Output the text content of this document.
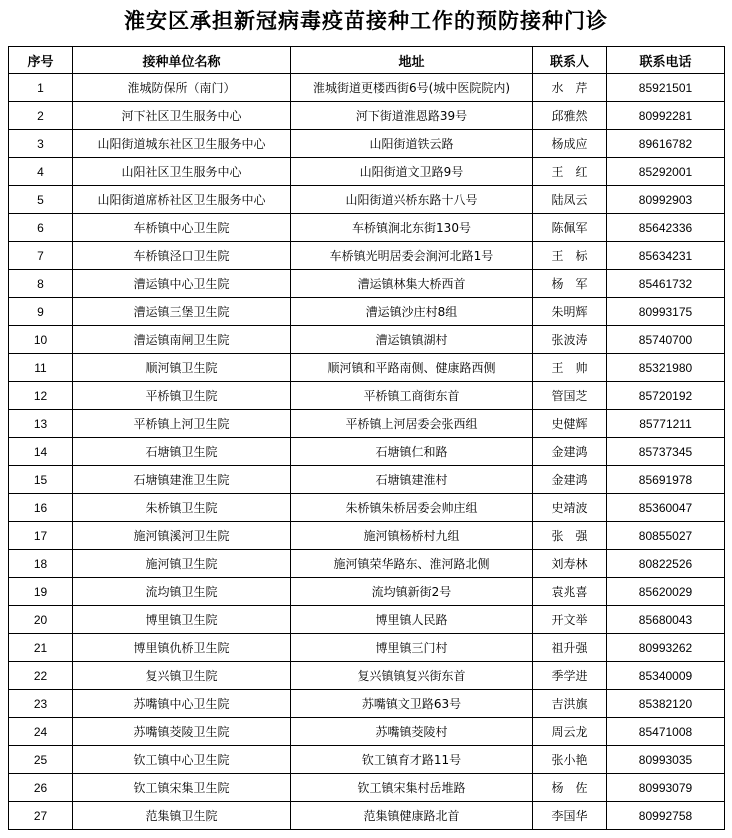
淮安区承担新冠病毒疫苗接种工作的预防接种门诊
序号	接种单位名称	地址	联系人	联系电话
1	淮城防保所（南门）	淮城街道更楼西街6号(城中医院院内)	水　芹	85921501
2	河下社区卫生服务中心	河下街道淮恩路39号	邱雅然	80992281
3	山阳街道城东社区卫生服务中心	山阳街道铁云路	杨成应	89616782
4	山阳社区卫生服务中心	山阳街道文卫路9号	王　红	85292001
5	山阳街道席桥社区卫生服务中心	山阳街道兴桥东路十八号	陆凤云	80992903
6	车桥镇中心卫生院	车桥镇涧北东街130号	陈佩军	85642336
7	车桥镇泾口卫生院	车桥镇光明居委会涧河北路1号	王　标	85634231
8	漕运镇中心卫生院	漕运镇林集大桥西首	杨　军	85461732
9	漕运镇三堡卫生院	漕运镇沙庄村8组	朱明辉	80993175
10	漕运镇南闸卫生院	漕运镇镇湖村	张波涛	85740700
11	顺河镇卫生院	顺河镇和平路南侧、健康路西侧	王　帅	85321980
12	平桥镇卫生院	平桥镇工商街东首	管国芝	85720192
13	平桥镇上河卫生院	平桥镇上河居委会张西组	史健辉	85771211
14	石塘镇卫生院	石塘镇仁和路	金建鸿	85737345
15	石塘镇建淮卫生院	石塘镇建淮村	金建鸿	85691978
16	朱桥镇卫生院	朱桥镇朱桥居委会帅庄组	史靖波	85360047
17	施河镇溪河卫生院	施河镇杨桥村九组	张　强	80855027
18	施河镇卫生院	施河镇荣华路东、淮河路北侧	刘寿林	80822526
19	流均镇卫生院	流均镇新街2号	袁兆喜	85620029
20	博里镇卫生院	博里镇人民路	开文举	85680043
21	博里镇仇桥卫生院	博里镇三门村	祖升强	80993262
22	复兴镇卫生院	复兴镇镇复兴街东首	季学进	85340009
23	苏嘴镇中心卫生院	苏嘴镇文卫路63号	吉洪旗	85382120
24	苏嘴镇茭陵卫生院	苏嘴镇茭陵村	周云龙	85471008
25	钦工镇中心卫生院	钦工镇育才路11号	张小艳	80993035
26	钦工镇宋集卫生院	钦工镇宋集村岳堆路	杨　佐	80993079
27	范集镇卫生院	范集镇健康路北首	李国华	80992758
